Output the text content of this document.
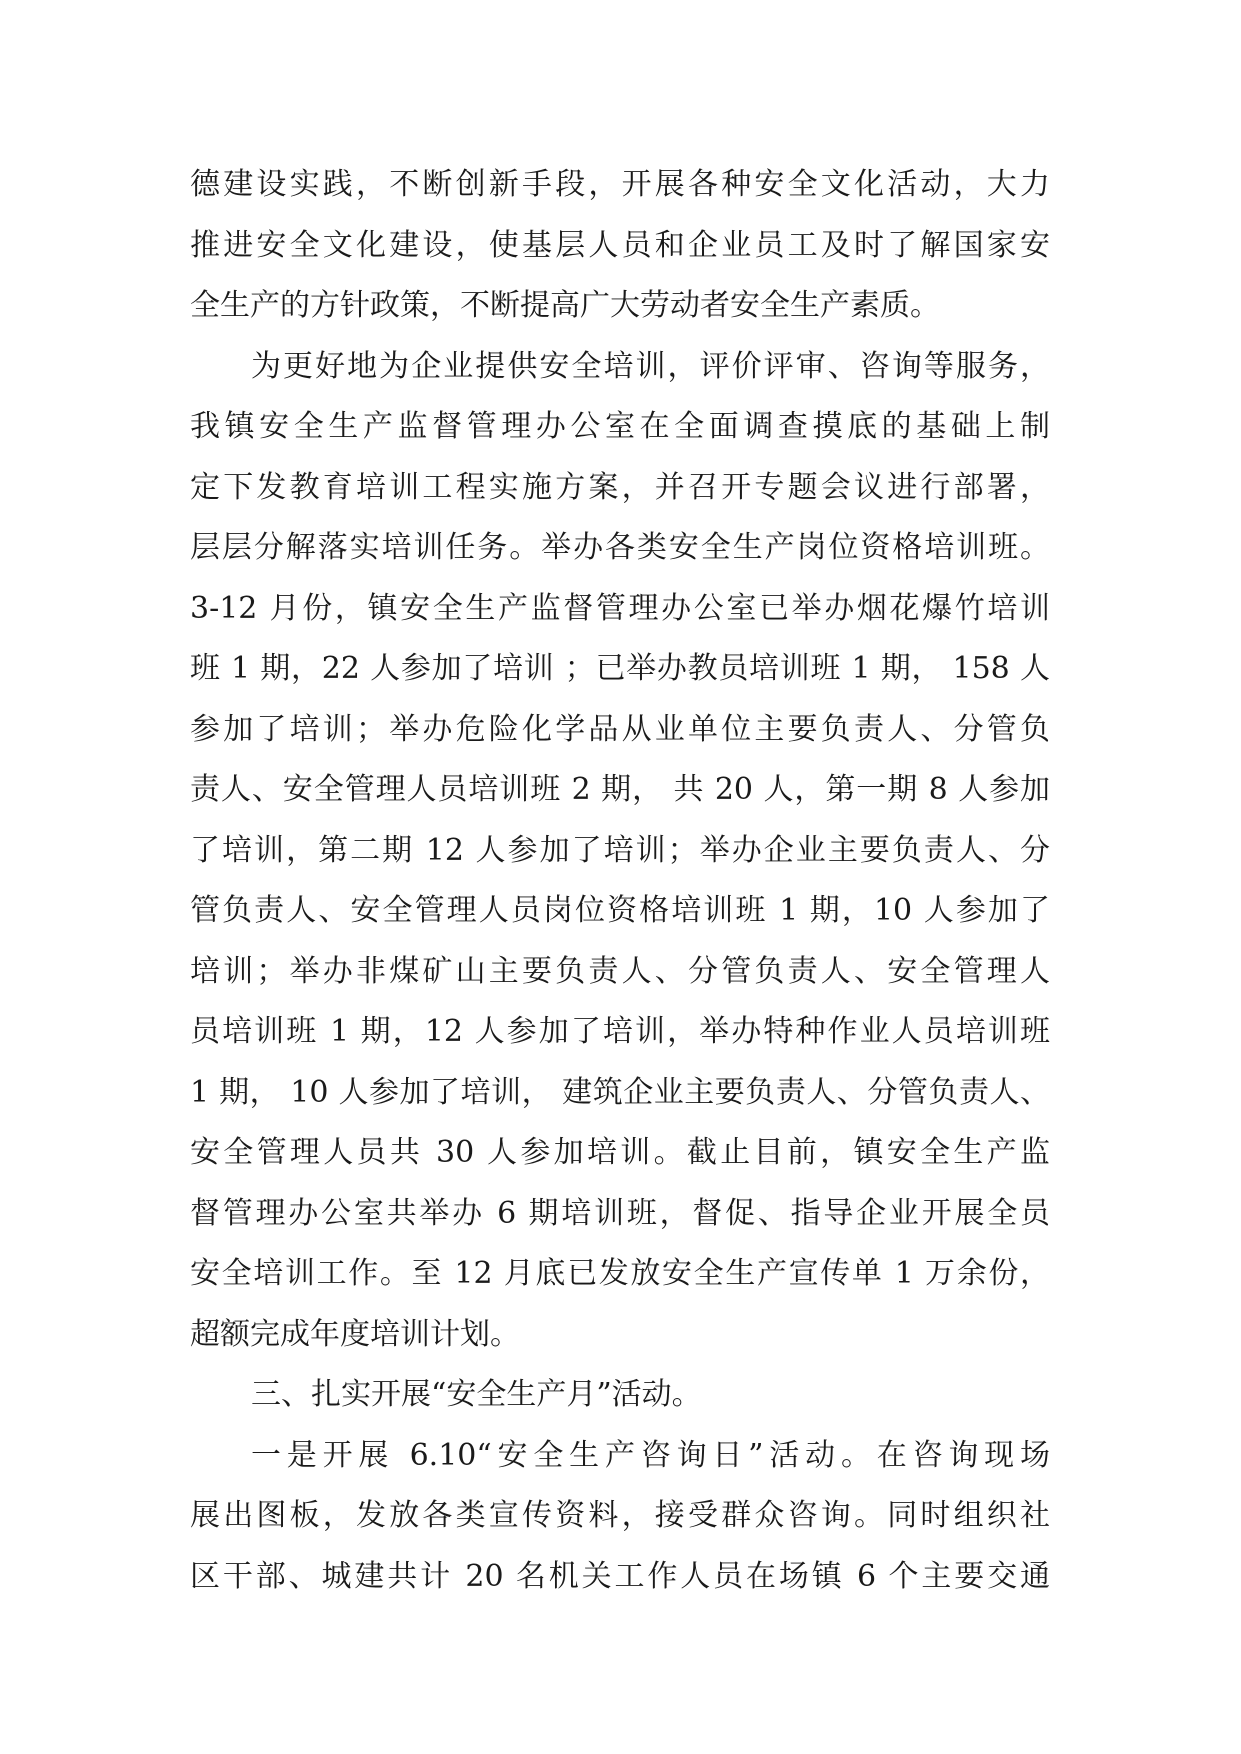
德建设实践，不断创新手段，开展各种安全文化活动，大力
推进安全文化建设，使基层人员和企业员工及时了解国家安
全生产的方针政策，不断提高广大劳动者安全生产素质。
为更好地为企业提供安全培训，评价评审、咨询等服务，
我镇安全生产监督管理办公室在全面调查摸底的基础上制
定下发教育培训工程实施方案，并召开专题会议进行部署，
层层分解落实培训任务。举办各类安全生产岗位资格培训班。
3-12 月份，镇安全生产监督管理办公室已举办烟花爆竹培训
班 1 期，22 人参加了培训 ；已举办教员培训班 1 期， 158 人
参加了培训；举办危险化学品从业单位主要负责人、分管负
责人、安全管理人员培训班 2 期， 共 20 人，第一期 8 人参加
了培训，第二期 12 人参加了培训；举办企业主要负责人、分
管负责人、安全管理人员岗位资格培训班 1 期，10 人参加了
培训；举办非煤矿山主要负责人、分管负责人、安全管理人
员培训班 1 期，12 人参加了培训，举办特种作业人员培训班
1 期， 10 人参加了培训， 建筑企业主要负责人、分管负责人、
安全管理人员共 30 人参加培训。截止目前，镇安全生产监
督管理办公室共举办 6 期培训班，督促、指导企业开展全员
安全培训工作。至 12 月底已发放安全生产宣传单 1 万余份，
超额完成年度培训计划。
三、扎实开展“安全生产月”活动。
一是开展 6.10“安全生产咨询日”活动。在咨询现场
展出图板，发放各类宣传资料，接受群众咨询。同时组织社
区干部、城建共计 20 名机关工作人员在场镇 6 个主要交通
